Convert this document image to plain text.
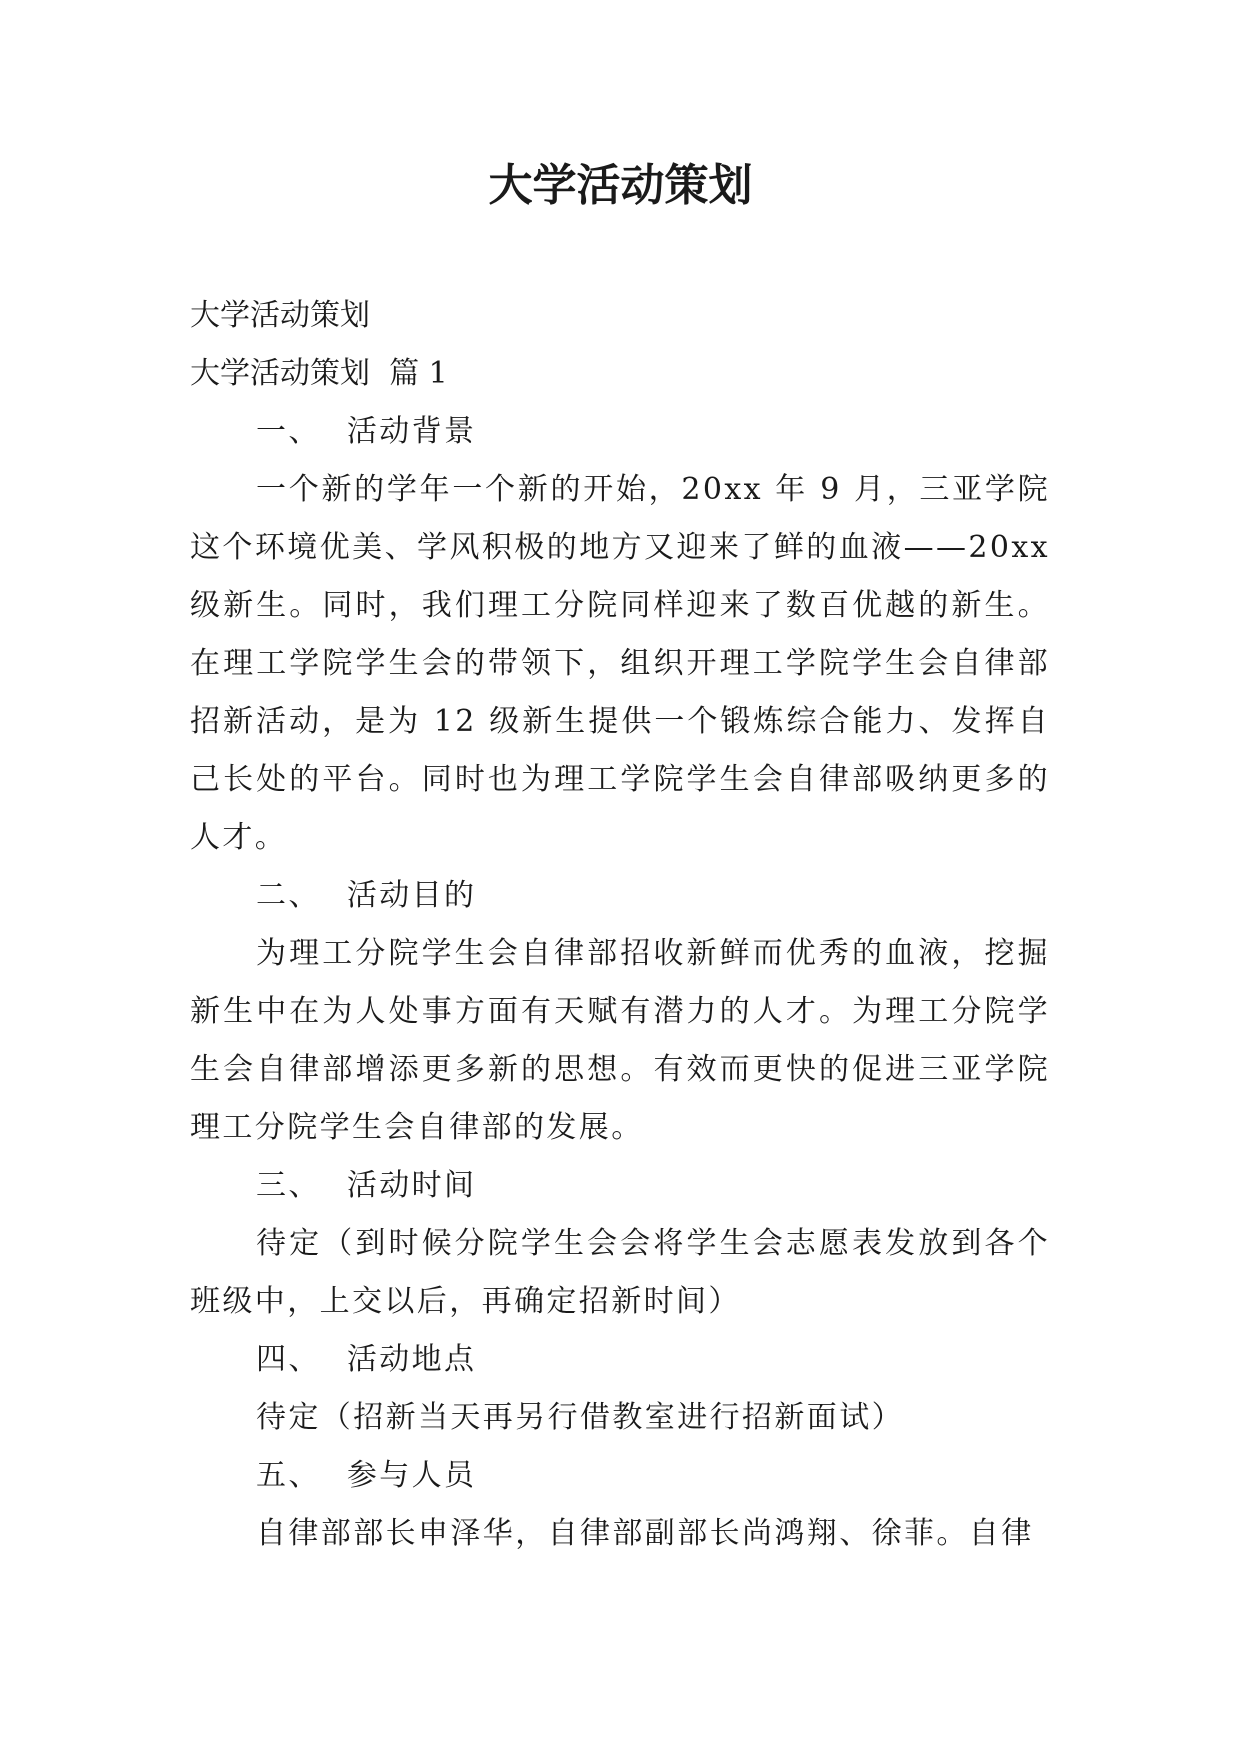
大学活动策划
大学活动策划
大学活动策划  篇 1
一、 活动背景

一个新的学年一个新的开始，20xx 年 9 月，三亚学院这个环境优美、学风积极的地方又迎来了鲜的血液——20xx 级新生。同时，我们理工分院同样迎来了数百优越的新生。在理工学院学生会的带领下，组织开理工学院学生会自律部招新活动，是为 12 级新生提供一个锻炼综合能力、发挥自己长处的平台。同时也为理工学院学生会自律部吸纳更多的人才。

二、 活动目的

为理工分院学生会自律部招收新鲜而优秀的血液，挖掘新生中在为人处事方面有天赋有潜力的人才。为理工分院学生会自律部增添更多新的思想。有效而更快的促进三亚学院理工分院学生会自律部的发展。

三、 活动时间

待定（到时候分院学生会会将学生会志愿表发放到各个班级中，上交以后，再确定招新时间）

四、 活动地点

待定（招新当天再另行借教室进行招新面试）

五、 参与人员

自律部部长申泽华，自律部副部长尚鸿翔、徐菲。自律
